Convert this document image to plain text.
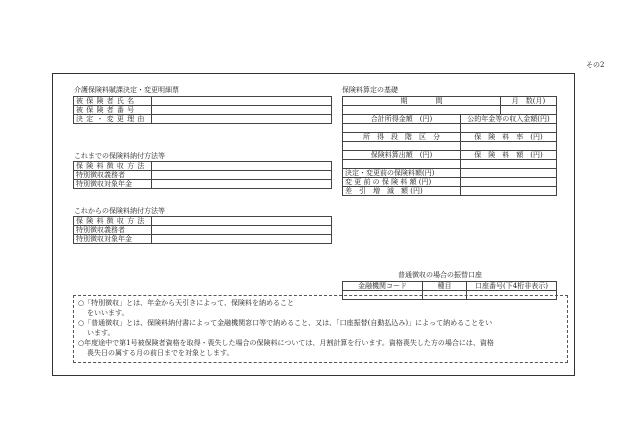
その2
介護保険料賦課決定・変更明細票
被 保 険 者 氏 名	
被 保 険 者 番 号	
決 定 ・ 変 更 理 由	
これまでの保険料納付方法等
保 険 料 徴 収 方 法	
特別徴収義務者	
特別徴収対象年金	
これからの保険料納付方法等
保 険 料 徴 収 方 法	
特別徴収義務者	
特別徴収対象年金	
保険料算定の基礎
期　　　　間		月　数(月)

合計所得金額　(円)	公的年金等の収入金額(円)	

所　得　段　階　区　分	保　険　料　率　(円)	

保険料算出額　(円)	保　険　料　額　(円)	

決定・変更前の保険料額(円)		
変 更 前 の 保 険 料 額 (円)		
差　引　増　減　額 (円)		
普通徴収の場合の振替口座
金融機関コード	種目	口座番号(下4桁非表示)

○「特別徴収」とは、年金から天引きによって、保険料を納めること
をいいます。

○「普通徴収」とは、保険料納付書によって金融機関窓口等で納めること、又は、「口座振替(自動払込み)」によって納めることをい
います。

○年度途中で第1号被保険者資格を取得・喪失した場合の保険料については、月割計算を行います。資格喪失した方の場合には、資格
喪失日の属する月の前日までを対象とします。
